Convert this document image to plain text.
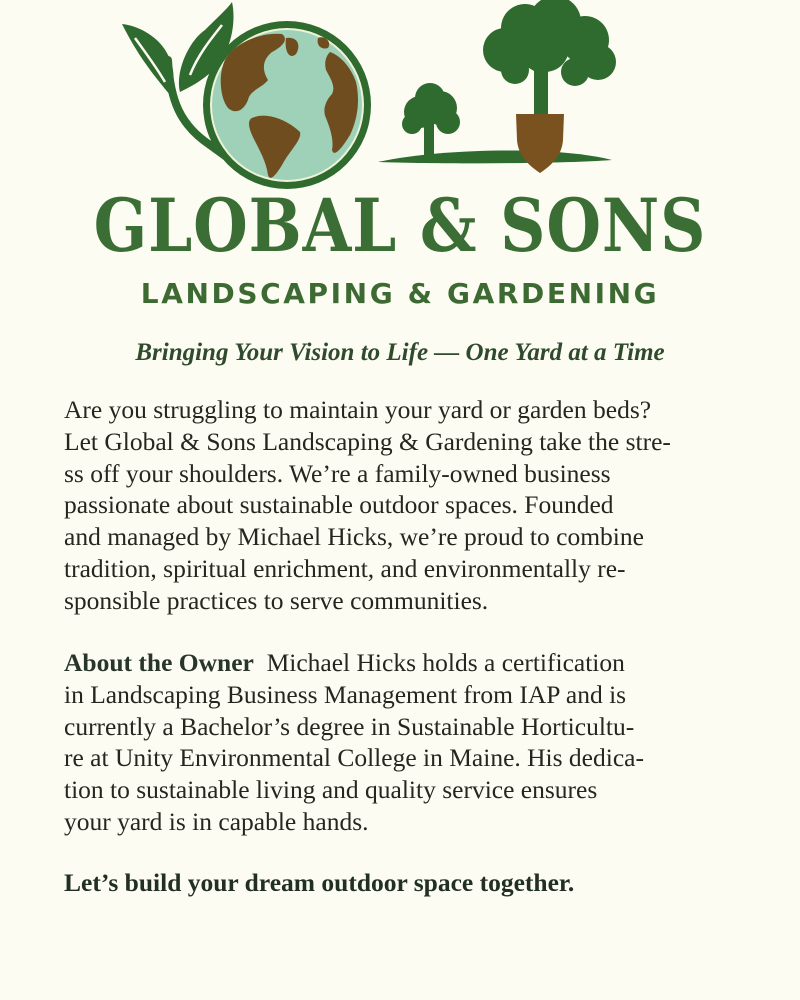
GLOBAL & SONS
LANDSCAPING & GARDENING
Bringing Your Vision to Life — One Yard at a Time
Are you struggling to maintain your yard or garden beds?
Let Global & Sons Landscaping & Gardening take the stre-
ss off your shoulders. We’re a family-owned business
passionate about sustainable outdoor spaces. Founded
and managed by Michael Hicks, we’re proud to combine
tradition, spiritual enrichment, and environmentally re-
sponsible practices to serve communities.
About the Owner Michael Hicks holds a certification
in Landscaping Business Management from IAP and is
currently a Bachelor’s degree in Sustainable Horticultu-
re at Unity Environmental College in Maine. His dedica-
tion to sustainable living and quality service ensures
your yard is in capable hands.
Let’s build your dream outdoor space together.
